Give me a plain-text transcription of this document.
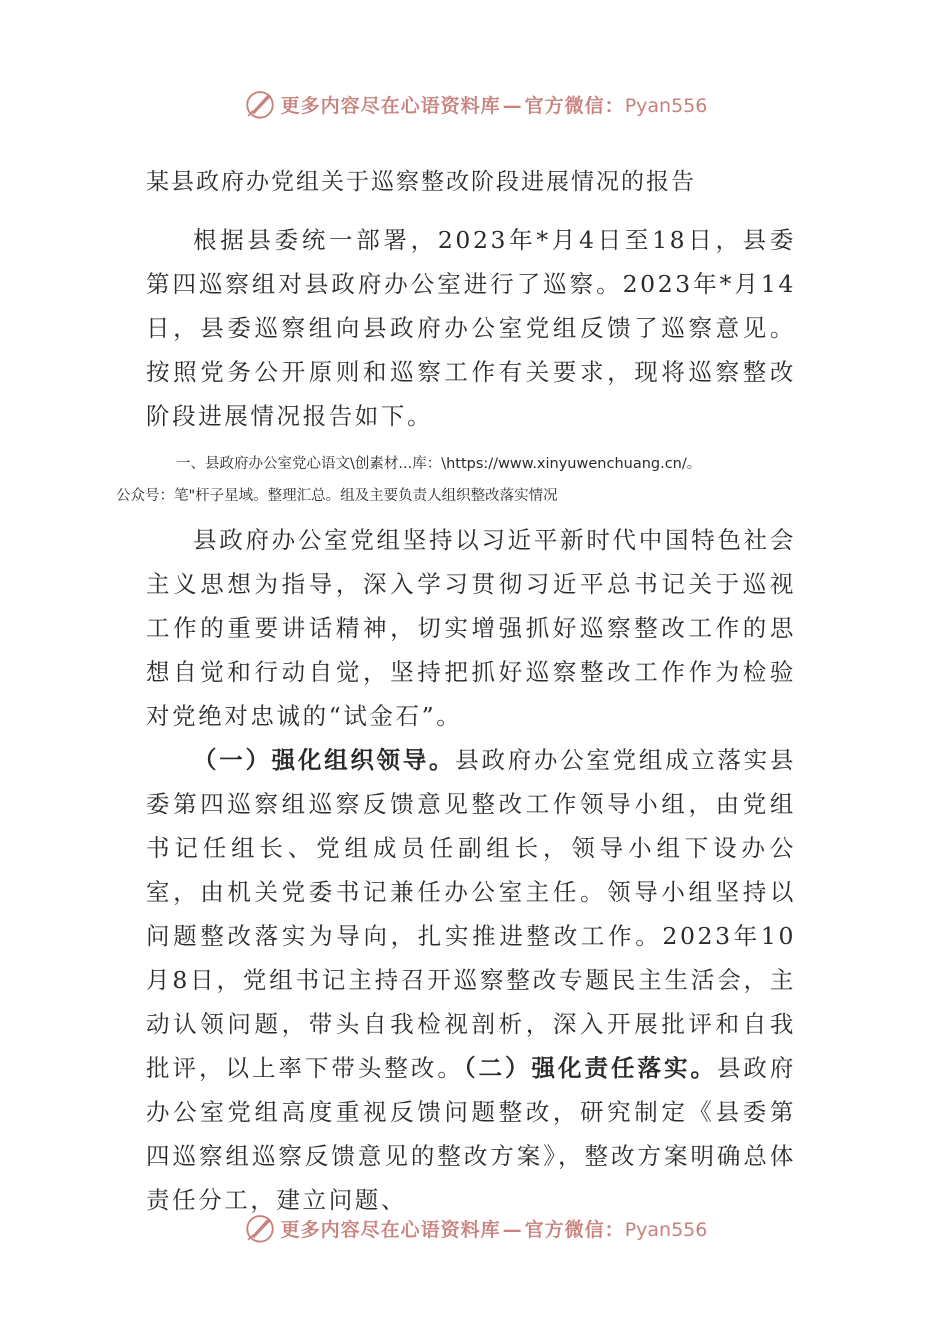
更多内容尽在心语资料库 — 官方微信：Pyan556
某县政府办党组关于巡察整改阶段进展情况的报告

根据县委统一部署，2023年*月4日至18日，县委第四巡察组对县政府办公室进行了巡察。2023年*月14日，县委巡察组向县政府办公室党组反馈了巡察意见。按照党务公开原则和巡察工作有关要求，现将巡察整改阶段进展情况报告如下。

一、县政府办公室党心语文\创素材...库：\https://www.xinyuwenchuang.cn/。
公众号：笔"杆子星域。整理汇总。组及主要负责人组织整改落实情况

县政府办公室党组坚持以习近平新时代中国特色社会主义思想为指导，深入学习贯彻习近平总书记关于巡视工作的重要讲话精神，切实增强抓好巡察整改工作的思想自觉和行动自觉，坚持把抓好巡察整改工作作为检验对党绝对忠诚的“试金石”。

（一）强化组织领导。县政府办公室党组成立落实县委第四巡察组巡察反馈意见整改工作领导小组，由党组书记任组长、党组成员任副组长，领导小组下设办公室，由机关党委书记兼任办公室主任。领导小组坚持以问题整改落实为导向，扎实推进整改工作。2023年10月8日，党组书记主持召开巡察整改专题民主生活会，主动认领问题，带头自我检视剖析，深入开展批评和自我批评，以上率下带头整改。（二）强化责任落实。县政府办公室党组高度重视反馈问题整改，研究制定《县委第四巡察组巡察反馈意见的整改方案》，整改方案明确总体责任分工，建立问题、

更多内容尽在心语资料库 — 官方微信：Pyan556
